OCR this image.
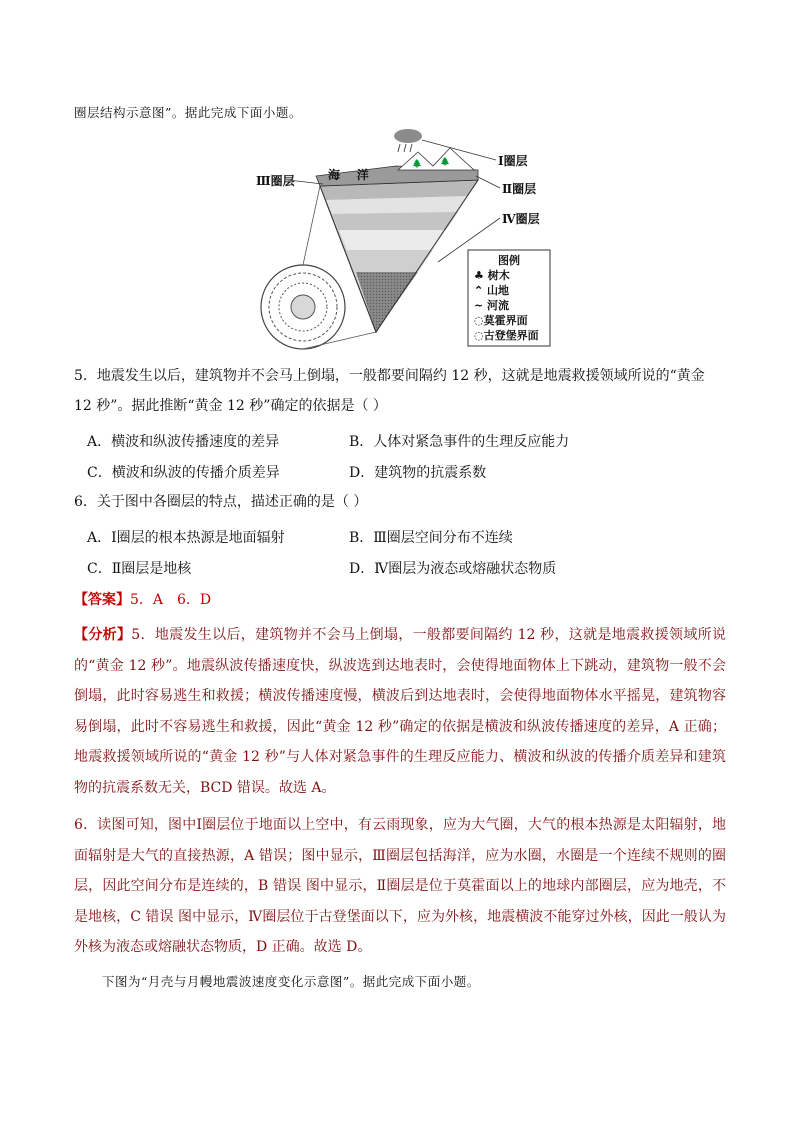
圈层结构示意图”。据此完成下面小题。
🌲 🌲	Ⅰ圈层
Ⅱ圈层
Ⅲ圈层
Ⅳ圈层
海    洋
图例
♣ 树木
⌃ 山地
~ 河流
◌莫霍界面
◌古登堡界面
5．地震发生以后，建筑物并不会马上倒塌，一般都要间隔约 12 秒，这就是地震救援领域所说的“黄金 12 秒”。据此推断“黄金 12 秒”确定的依据是（ ）
A．横波和纵波传播速度的差异	B．人体对紧急事件的生理反应能力
C．横波和纵波的传播介质差异	D．建筑物的抗震系数
6．关于图中各圈层的特点，描述正确的是（ ）
A．Ⅰ圈层的根本热源是地面辐射	B．Ⅲ圈层空间分布不连续
C．Ⅱ圈层是地核	D．Ⅳ圈层为液态或熔融状态物质
【答案】5．A　6．D
【分析】5．地震发生以后，建筑物并不会马上倒塌，一般都要间隔约 12 秒，这就是地震救援领域所说的“黄金 12 秒”。地震纵波传播速度快，纵波选到达地表时，会使得地面物体上下跳动，建筑物一般不会倒塌，此时容易逃生和救援；横波传播速度慢，横波后到达地表时，会使得地面物体水平摇晃，建筑物容易倒塌，此时不容易逃生和救援，因此“黄金 12 秒”确定的依据是横波和纵波传播速度的差异，A 正确；地震救援领域所说的“黄金 12 秒”与人体对紧急事件的生理反应能力、横波和纵波的传播介质差异和建筑物的抗震系数无关，BCD 错误。故选 A。
6．读图可知，图中Ⅰ圈层位于地面以上空中，有云雨现象，应为大气圈，大气的根本热源是太阳辐射，地面辐射是大气的直接热源，A 错误；图中显示，Ⅲ圈层包括海洋，应为水圈，水圈是一个连续不规则的圈层，因此空间分布是连续的，B 错误 图中显示，Ⅱ圈层是位于莫霍面以上的地球内部圈层，应为地壳，不是地核，C 错误 图中显示，Ⅳ圈层位于古登堡面以下，应为外核，地震横波不能穿过外核，因此一般认为外核为液态或熔融状态物质，D 正确。故选 D。
下图为“月壳与月幔地震波速度变化示意图”。据此完成下面小题。
